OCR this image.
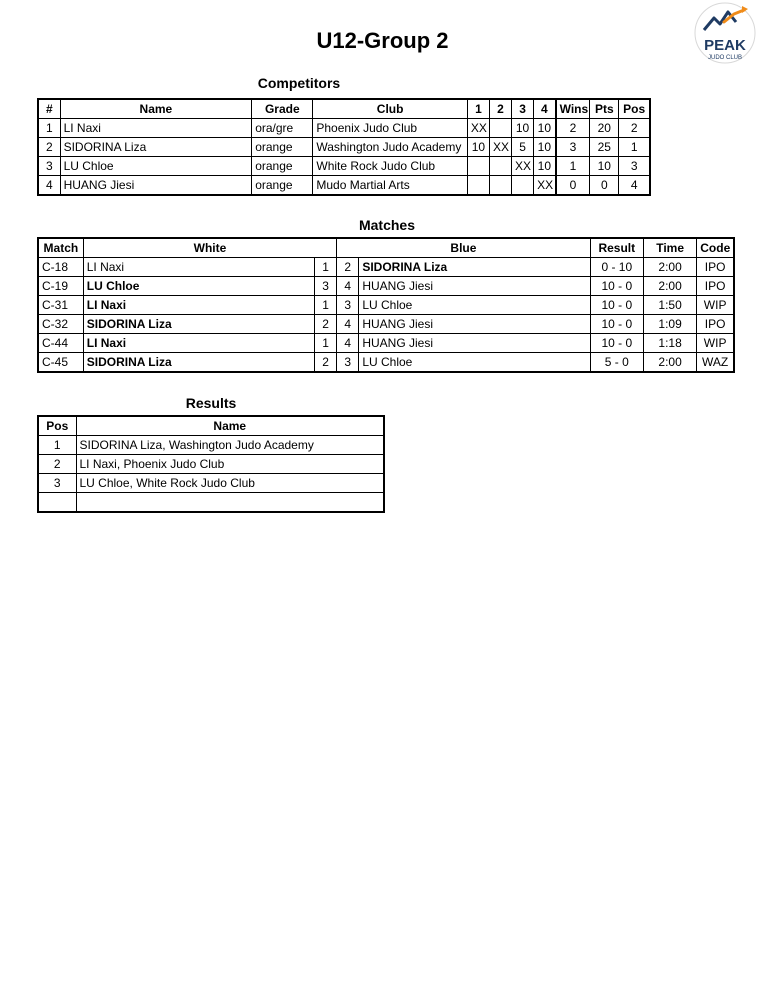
U12-Group 2	PEAK
JUDO CLUB
Competitors
#	Name	Grade	Club	1	2	3	4	Wins	Pts	Pos
1	LI Naxi	ora/gre	Phoenix Judo Club	XX		10	10	2	20	2
2	SIDORINA Liza	orange	Washington Judo Academy	10	XX	5	10	3	25	1
3	LU Chloe	orange	White Rock Judo Club			XX	10	1	10	3
4	HUANG Jiesi	orange	Mudo Martial Arts				XX	0	0	4
Matches
Match	White		Blue		Result	Time	Code
C-18	LI Naxi	1	2	SIDORINA Liza	0 - 10	2:00	IPO
C-19	LU Chloe	3	4	HUANG Jiesi	10 - 0	2:00	IPO
C-31	LI Naxi	1	3	LU Chloe	10 - 0	1:50	WIP
C-32	SIDORINA Liza	2	4	HUANG Jiesi	10 - 0	1:09	IPO
C-44	LI Naxi	1	4	HUANG Jiesi	10 - 0	1:18	WIP
C-45	SIDORINA Liza	2	3	LU Chloe	5 - 0	2:00	WAZ
Results
Pos	Name
1	SIDORINA Liza, Washington Judo Academy
2	LI Naxi, Phoenix Judo Club
3	LU Chloe, White Rock Judo Club
